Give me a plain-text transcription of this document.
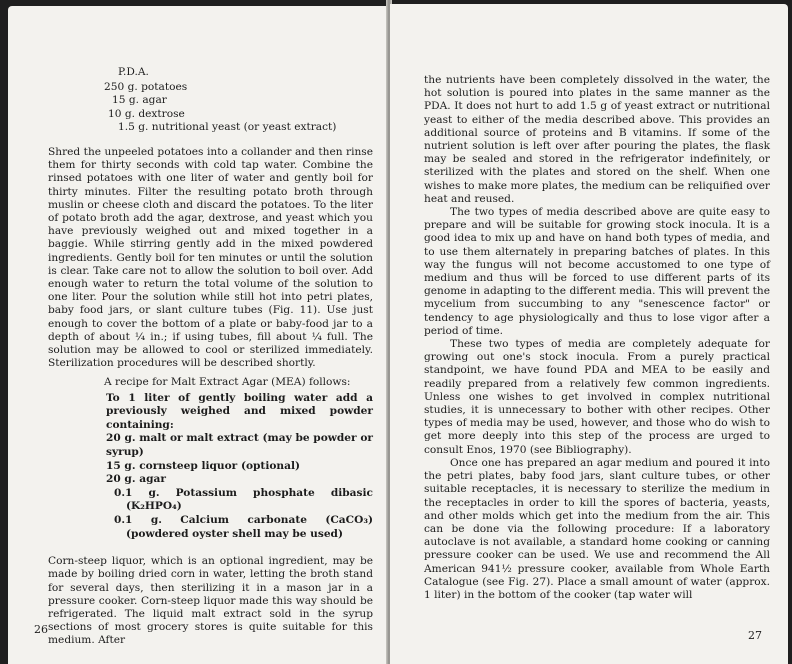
P.D.A.

250 g. potatoes

15 g. agar

10 g. dextrose

1.5 g. nutritional yeast (or yeast extract)

Shred the unpeeled potatoes into a collander and then rinse them for thirty seconds with cold tap water. Combine the rinsed potatoes with one liter of water and gently boil for thirty minutes. Filter the resulting potato broth through muslin or cheese cloth and discard the potatoes. To the liter of potato broth add the agar, dextrose, and yeast which you have previously weighed out and mixed together in a baggie. While stirring gently add in the mixed powdered ingredients. Gently boil for ten minutes or until the solution is clear. Take care not to allow the solution to boil over. Add enough water to return the total volume of the solution to one liter. Pour the solution while still hot into petri plates, baby food jars, or slant culture tubes (Fig. 11). Use just enough to cover the bottom of a plate or baby-food jar to a depth of about ¼ in.; if using tubes, fill about ¼ full. The solution may be allowed to cool or sterilized immediately. Sterilization procedures will be described shortly.

A recipe for Malt Extract Agar (MEA) follows:

To 1 liter of gently boiling water add a previously weighed and mixed powder containing:

20 g. malt or malt extract (may be powder or syrup)

15 g. cornsteep liquor (optional)

20 g. agar

0.1 g. Potassium phosphate dibasic (K₂HPO₄)

0.1 g. Calcium carbonate (CaCO₃) (powdered oyster shell may be used)

Corn-steep liquor, which is an optional ingredient, may be made by boiling dried corn in water, letting the broth stand for several days, then sterilizing it in a mason jar in a pressure cooker. Corn-steep liquor made this way should be refrigerated. The liquid malt extract sold in the syrup sections of most grocery stores is quite suitable for this medium. After

26

the nutrients have been completely dissolved in the water, the hot solution is poured into plates in the same manner as the PDA. It does not hurt to add 1.5 g of yeast extract or nutritional yeast to either of the media described above. This provides an additional source of proteins and B vitamins. If some of the nutrient solution is left over after pouring the plates, the flask may be sealed and stored in the refrigerator indefinitely, or sterilized with the plates and stored on the shelf. When one wishes to make more plates, the medium can be reliquified over heat and reused.

The two types of media described above are quite easy to prepare and will be suitable for growing stock inocula. It is a good idea to mix up and have on hand both types of media, and to use them alternately in preparing batches of plates. In this way the fungus will not become accustomed to one type of medium and thus will be forced to use different parts of its genome in adapting to the different media. This will prevent the mycelium from succumbing to any "senescence factor" or tendency to age physiologically and thus to lose vigor after a period of time.

These two types of media are completely adequate for growing out one's stock inocula. From a purely practical standpoint, we have found PDA and MEA to be easily and readily prepared from a relatively few common ingredients. Unless one wishes to get involved in complex nutritional studies, it is unnecessary to bother with other recipes. Other types of media may be used, however, and those who do wish to get more deeply into this step of the process are urged to consult Enos, 1970 (see Bibliography).

Once one has prepared an agar medium and poured it into the petri plates, baby food jars, slant culture tubes, or other suitable receptacles, it is necessary to sterilize the medium in the receptacles in order to kill the spores of bacteria, yeasts, and other molds which get into the medium from the air. This can be done via the following procedure: If a laboratory autoclave is not available, a standard home cooking or canning pressure cooker can be used. We use and recommend the All American 941½ pressure cooker, available from Whole Earth Catalogue (see Fig. 27). Place a small amount of water (approx. 1 liter) in the bottom of the cooker (tap water will

27
